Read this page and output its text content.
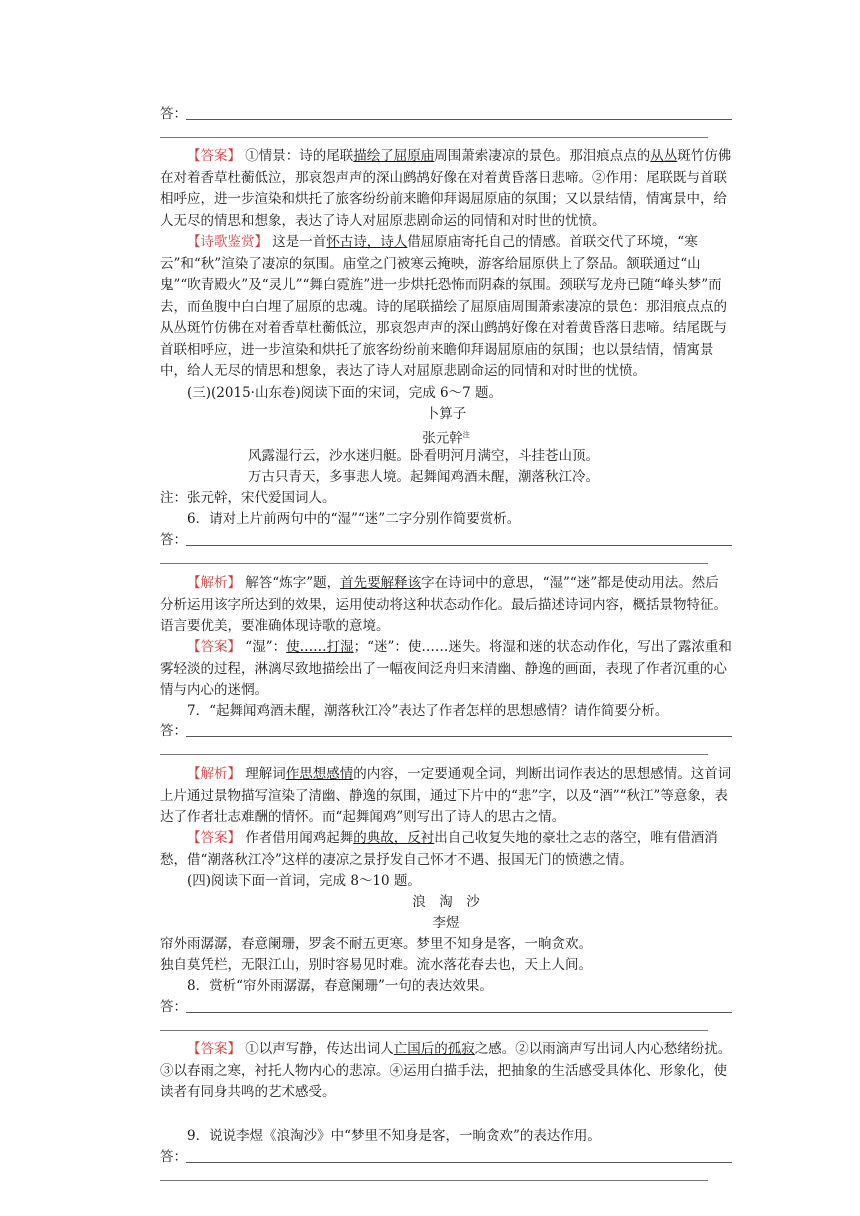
答：
【答案】 ①情景：诗的尾联描绘了屈原庙周围萧索凄凉的景色。那泪痕点点的从丛斑竹仿佛在对着香草杜蘅低泣，那哀怨声声的深山鹧鸪好像在对着黄昏落日悲啼。②作用：尾联既与首联相呼应，进一步渲染和烘托了旅客纷纷前来瞻仰拜谒屈原庙的氛围；又以景结情，情寓景中，给人无尽的情思和想象，表达了诗人对屈原悲剧命运的同情和对时世的忧愤。
【诗歌鉴赏】 这是一首怀古诗，诗人借屈原庙寄托自己的情感。首联交代了环境，“寒云”和“秋”渲染了凄凉的氛围。庙堂之门被寒云掩映，游客给屈原供上了祭品。颔联通过“山鬼”“吹青殿火”及“灵儿”“舞白霓旌”进一步烘托恐怖而阴森的氛围。颈联写龙舟已随“峰头梦”而去，而鱼腹中白白埋了屈原的忠魂。诗的尾联描绘了屈原庙周围萧索凄凉的景色：那泪痕点点的从丛斑竹仿佛在对着香草杜蘅低泣，那哀怨声声的深山鹧鸪好像在对着黄昏落日悲啼。结尾既与首联相呼应，进一步渲染和烘托了旅客纷纷前来瞻仰拜谒屈原庙的氛围；也以景结情，情寓景中，给人无尽的情思和想象，表达了诗人对屈原悲剧命运的同情和对时世的忧愤。
(三)(2015·山东卷)阅读下面的宋词，完成 6～7 题。
卜算子
张元幹$^注$
风露湿行云，沙水迷归艇。卧看明河月满空，斗挂苍山顶。
万古只青天，多事悲人境。起舞闻鸡酒未醒，潮落秋江冷。
注：张元幹，宋代爱国词人。
6．请对上片前两句中的“湿”“迷”二字分别作简要赏析。
答：
【解析】 解答“炼字”题，首先要解释该字在诗词中的意思，“湿”“迷”都是使动用法。然后分析运用该字所达到的效果，运用使动将这种状态动作化。最后描述诗词内容，概括景物特征。语言要优美，要准确体现诗歌的意境。
【答案】 “湿”：使……打湿；“迷”：使……迷失。将湿和迷的状态动作化，写出了露浓重和雾轻淡的过程，淋漓尽致地描绘出了一幅夜间泛舟归来清幽、静逸的画面，表现了作者沉重的心情与内心的迷惘。
7．“起舞闻鸡酒未醒，潮落秋江冷”表达了作者怎样的思想感情？请作简要分析。
答：
【解析】 理解词作思想感情的内容，一定要通观全词，判断出词作表达的思想感情。这首词上片通过景物描写渲染了清幽、静逸的氛围，通过下片中的“悲”字，以及“酒”“秋江”等意象，表达了作者壮志难酬的情怀。而“起舞闻鸡”则写出了诗人的思古之情。
【答案】 作者借用闻鸡起舞的典故，反衬出自己收复失地的豪壮之志的落空，唯有借酒消愁，借“潮落秋江冷”这样的凄凉之景抒发自己怀才不遇、报国无门的愤懑之情。
(四)阅读下面一首词，完成 8～10 题。
浪　淘　沙
李煜
帘外雨潺潺，春意阑珊，罗衾不耐五更寒。梦里不知身是客，一晌贪欢。
独自莫凭栏，无限江山，别时容易见时难。流水落花春去也，天上人间。
8．赏析“帘外雨潺潺，春意阑珊”一句的表达效果。
答：
【答案】 ①以声写静，传达出词人亡国后的孤寂之感。②以雨滴声写出词人内心愁绪纷扰。③以春雨之寒，衬托人物内心的悲凉。④运用白描手法，把抽象的生活感受具体化、形象化，使读者有同身共鸣的艺术感受。
9．说说李煜《浪淘沙》中“梦里不知身是客，一晌贪欢”的表达作用。
答：
